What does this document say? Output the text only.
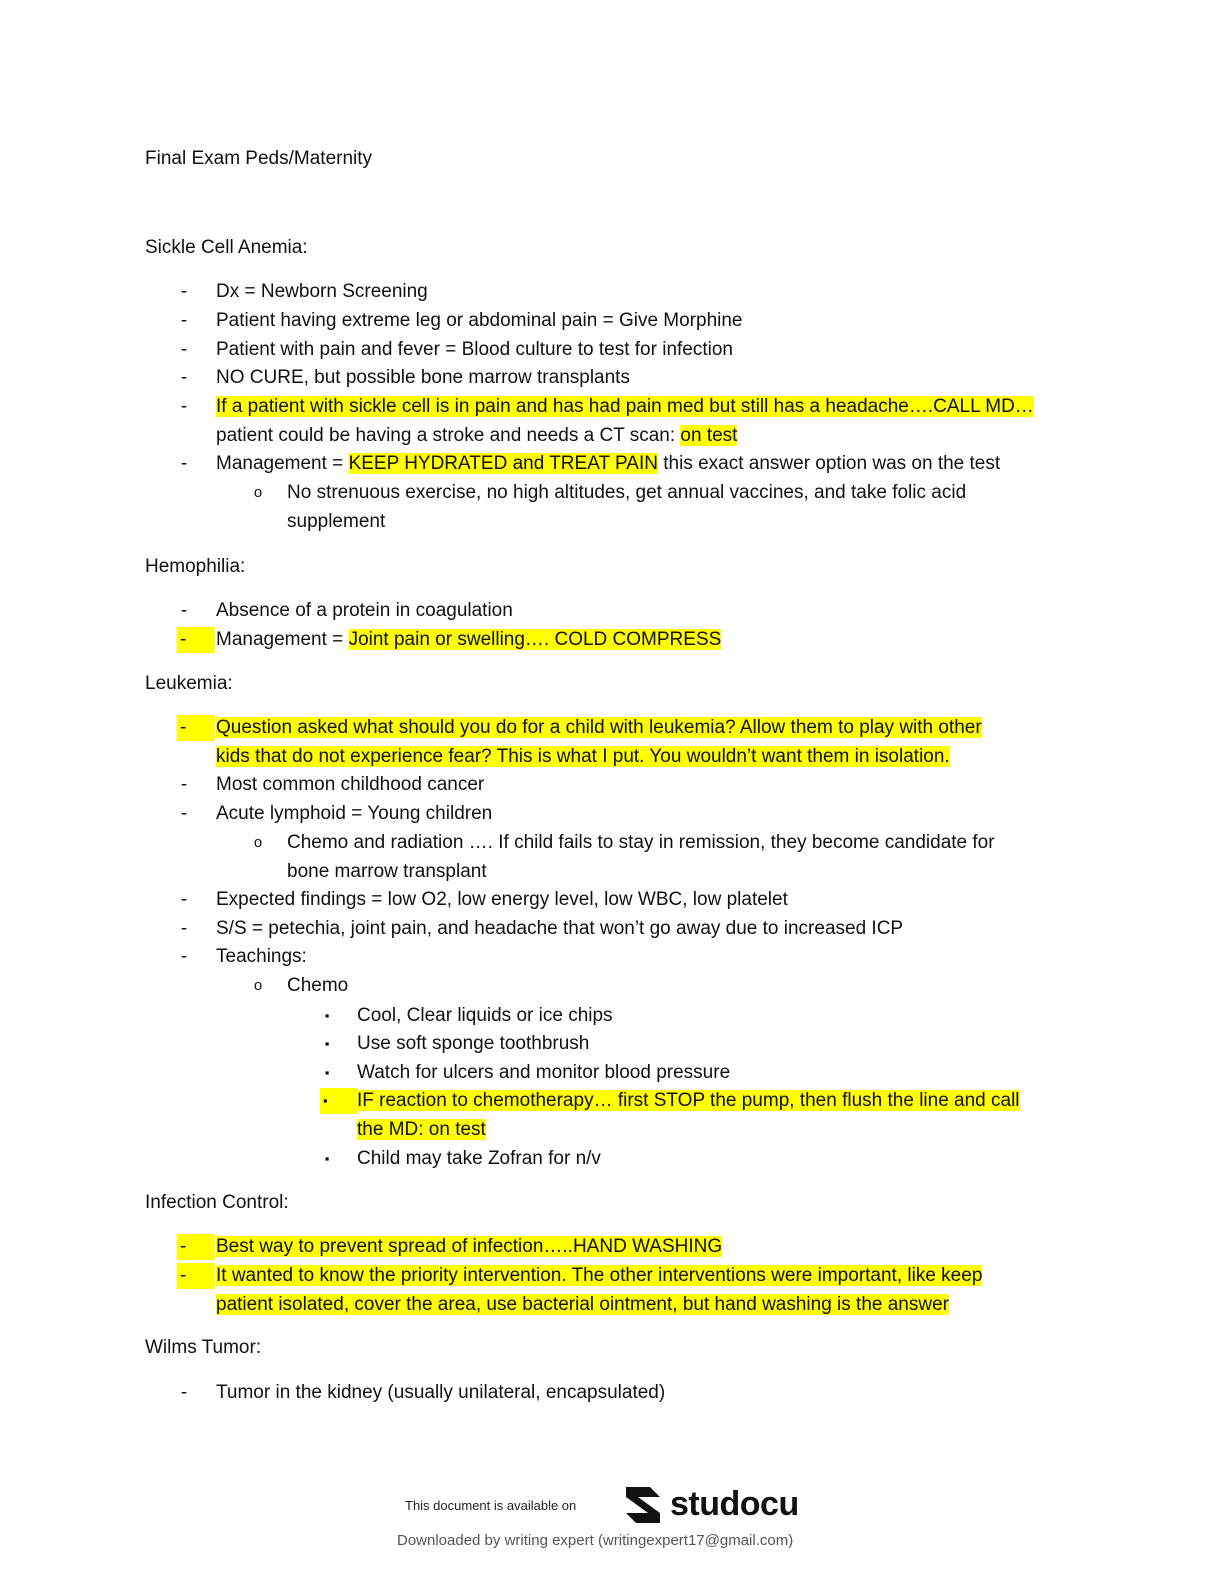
Final Exam Peds/Maternity
Sickle Cell Anemia:
- Dx = Newborn Screening
- Patient having extreme leg or abdominal pain = Give Morphine
- Patient with pain and fever = Blood culture to test for infection
- NO CURE, but possible bone marrow transplants
- If a patient with sickle cell is in pain and has had pain med but still has a headache….CALL MD…
patient could be having a stroke and needs a CT scan: on test
- Management = KEEP HYDRATED and TREAT PAIN this exact answer option was on the test
o No strenuous exercise, no high altitudes, get annual vaccines, and take folic acid
supplement
Hemophilia:
- Absence of a protein in coagulation
-	Management = Joint pain or swelling…. COLD COMPRESS
Leukemia:
-	Question asked what should you do for a child with leukemia? Allow them to play with other
kids that do not experience fear? This is what I put. You wouldn’t want them in isolation.
- Most common childhood cancer
- Acute lymphoid = Young children
o Chemo and radiation …. If child fails to stay in remission, they become candidate for
bone marrow transplant
- Expected findings = low O2, low energy level, low WBC, low platelet
- S/S = petechia, joint pain, and headache that won’t go away due to increased ICP
- Teachings:
o Chemo
▪ Cool, Clear liquids or ice chips
▪ Use soft sponge toothbrush
▪ Watch for ulcers and monitor blood pressure
▪	IF reaction to chemotherapy… first STOP the pump, then flush the line and call
the MD: on test
▪ Child may take Zofran for n/v
Infection Control:
-	Best way to prevent spread of infection…..HAND WASHING
-	It wanted to know the priority intervention. The other interventions were important, like keep
patient isolated, cover the area, use bacterial ointment, but hand washing is the answer
Wilms Tumor:
- Tumor in the kidney (usually unilateral, encapsulated)
This document is available on	studocu
Downloaded by writing expert (writingexpert17@gmail.com)
